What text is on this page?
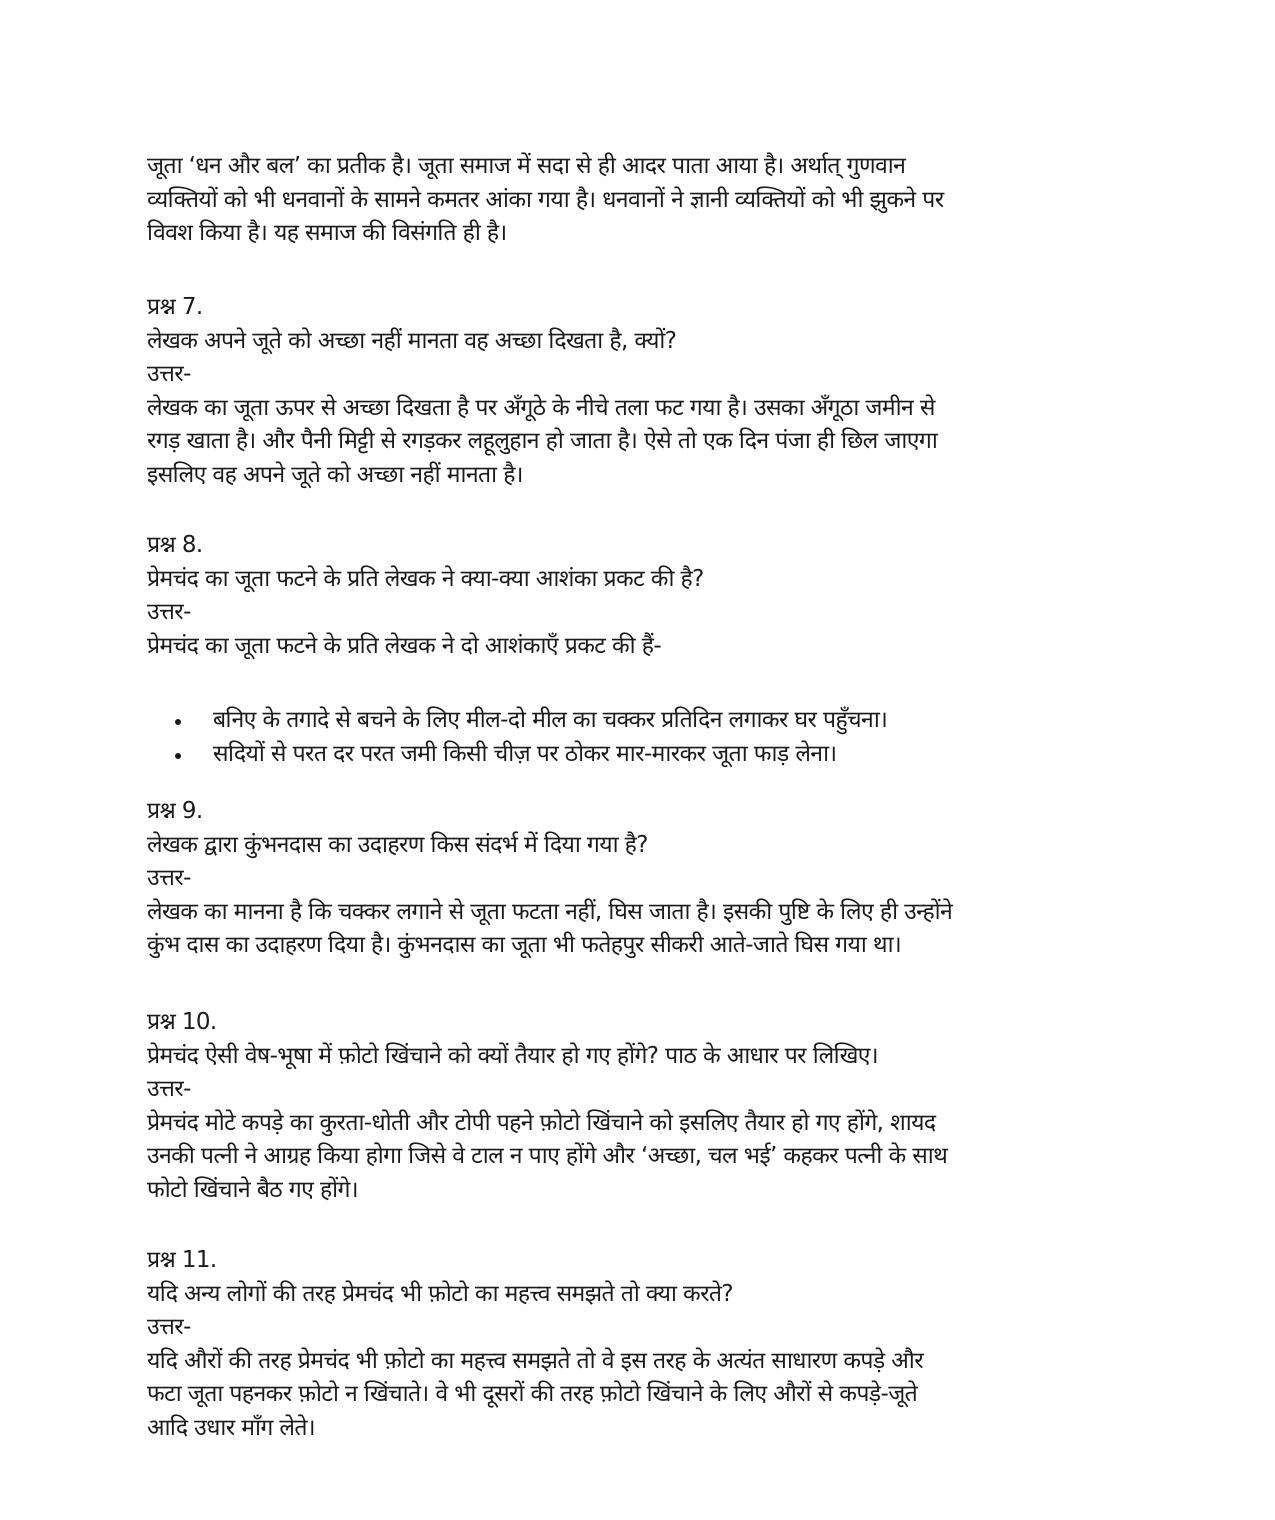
जूता ‘धन और बल’ का प्रतीक है। जूता समाज में सदा से ही आदर पाता आया है। अर्थात् गुणवान
व्यक्तियों को भी धनवानों के सामने कमतर आंका गया है। धनवानों ने ज्ञानी व्यक्तियों को भी झुकने पर
विवश किया है। यह समाज की विसंगति ही है।
प्रश्न 7.
लेखक अपने जूते को अच्छा नहीं मानता वह अच्छा दिखता है, क्यों?
उत्तर-
लेखक का जूता ऊपर से अच्छा दिखता है पर अँगूठे के नीचे तला फट गया है। उसका अँगूठा जमीन से
रगड़ खाता है। और पैनी मिट्टी से रगड़कर लहूलुहान हो जाता है। ऐसे तो एक दिन पंजा ही छिल जाएगा
इसलिए वह अपने जूते को अच्छा नहीं मानता है।
प्रश्न 8.
प्रेमचंद का जूता फटने के प्रति लेखक ने क्या-क्या आशंका प्रकट की है?
उत्तर-
प्रेमचंद का जूता फटने के प्रति लेखक ने दो आशंकाएँ प्रकट की हैं-
बनिए के तगादे से बचने के लिए मील-दो मील का चक्कर प्रतिदिन लगाकर घर पहुँचना।
सदियों से परत दर परत जमी किसी चीज़ पर ठोकर मार-मारकर जूता फाड़ लेना।
प्रश्न 9.
लेखक द्वारा कुंभनदास का उदाहरण किस संदर्भ में दिया गया है?
उत्तर-
लेखक का मानना है कि चक्कर लगाने से जूता फटता नहीं, घिस जाता है। इसकी पुष्टि के लिए ही उन्होंने
कुंभ दास का उदाहरण दिया है। कुंभनदास का जूता भी फतेहपुर सीकरी आते-जाते घिस गया था।
प्रश्न 10.
प्रेमचंद ऐसी वेष-भूषा में फ़ोटो खिंचाने को क्यों तैयार हो गए होंगे? पाठ के आधार पर लिखिए।
उत्तर-
प्रेमचंद मोटे कपड़े का कुरता-धोती और टोपी पहने फ़ोटो खिंचाने को इसलिए तैयार हो गए होंगे, शायद
उनकी पत्नी ने आग्रह किया होगा जिसे वे टाल न पाए होंगे और ‘अच्छा, चल भई’ कहकर पत्नी के साथ
फोटो खिंचाने बैठ गए होंगे।
प्रश्न 11.
यदि अन्य लोगों की तरह प्रेमचंद भी फ़ोटो का महत्त्व समझते तो क्या करते?
उत्तर-
यदि औरों की तरह प्रेमचंद भी फ़ोटो का महत्त्व समझते तो वे इस तरह के अत्यंत साधारण कपड़े और
फटा जूता पहनकर फ़ोटो न खिंचाते। वे भी दूसरों की तरह फ़ोटो खिंचाने के लिए औरों से कपड़े-जूते
आदि उधार माँग लेते।
